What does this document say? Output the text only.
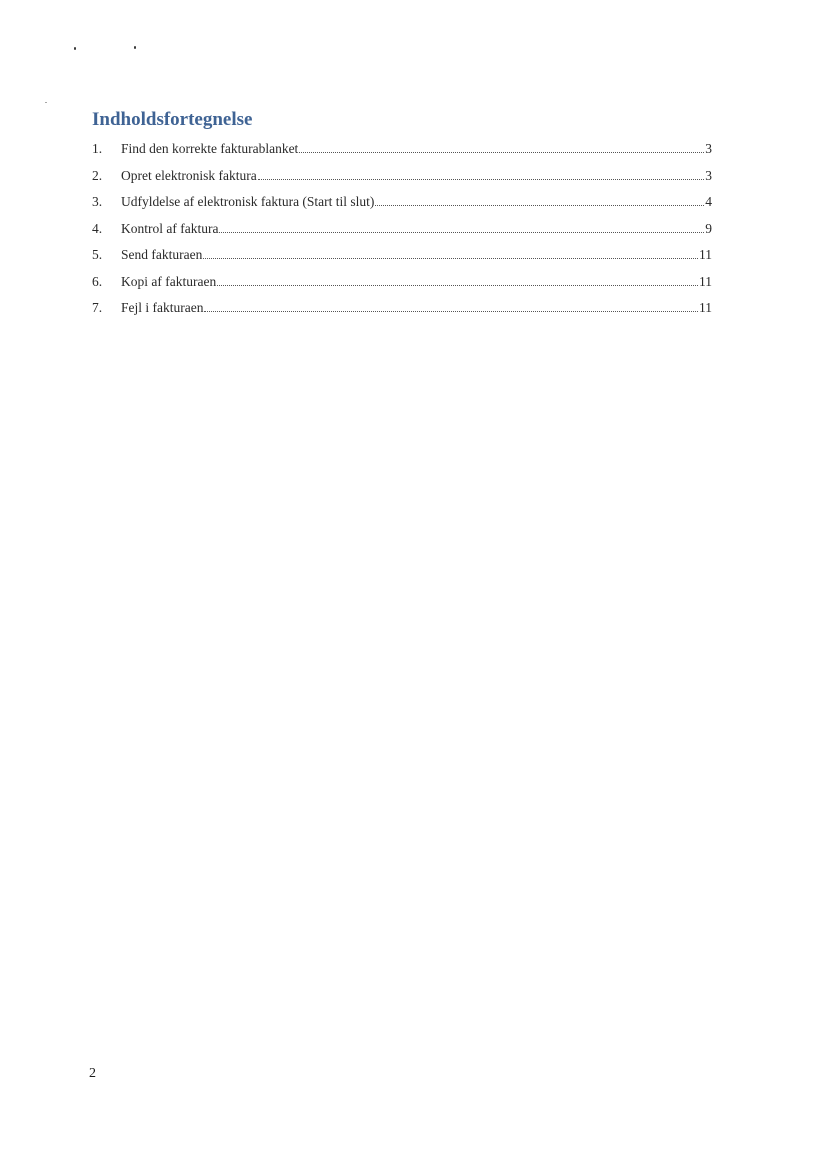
Indholdsfortegnelse
1.	Find den korrekte fakturablanket	3
2.	Opret elektronisk faktura	3
3.	Udfyldelse af elektronisk faktura (Start til slut)	4
4.	Kontrol af faktura	9
5.	Send fakturaen	11
6.	Kopi af fakturaen	11
7.	Fejl i fakturaen	11
2
